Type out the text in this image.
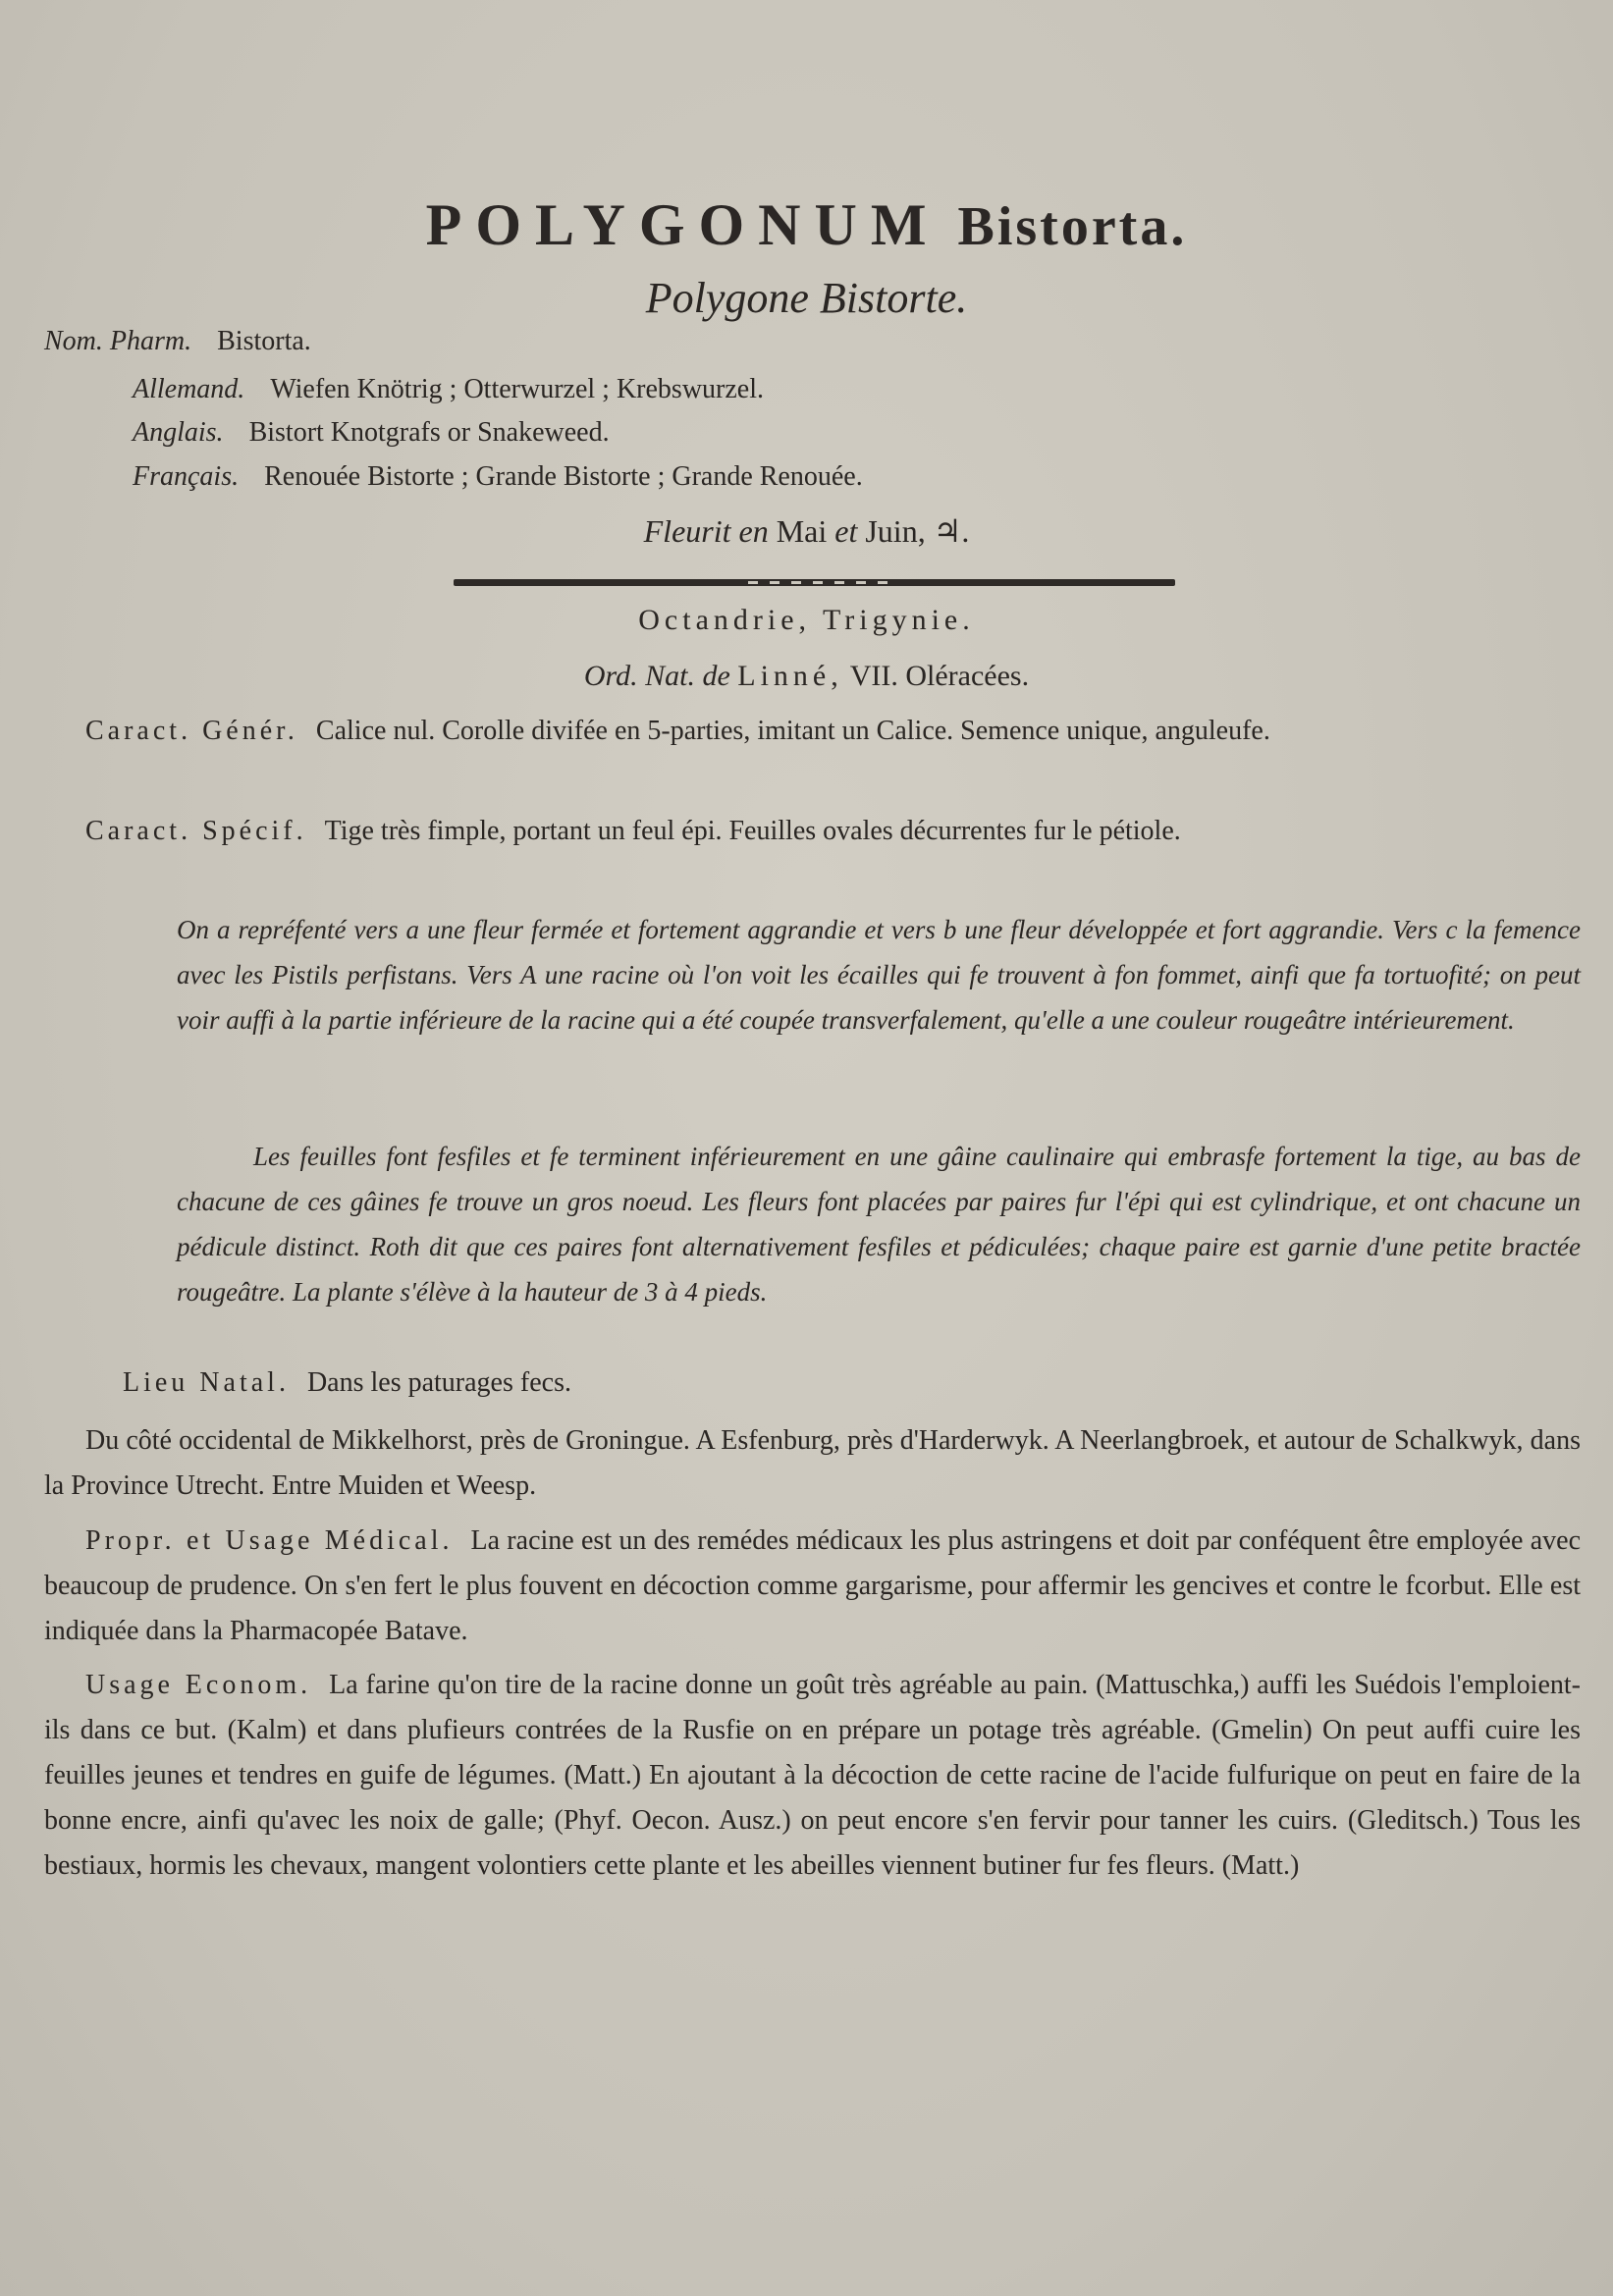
POLYGONUM Bistorta.
Polygone Bistorte.
Nom. Pharm. Bistorta.
Allemand. Wiefen Knötrig ; Otterwurzel ; Krebswurzel.
Anglais. Bistort Knotgrafs or Snakeweed.
Français. Renouée Bistorte ; Grande Bistorte ; Grande Renouée.
Fleurit en Mai et Juin, ♃.
Octandrie, Trigynie.
Ord. Nat. de Linné, VII. Oléracées.
Caract. Génér. Calice nul. Corolle divifée en 5-parties, imitant un Calice. Semence unique, anguleufe.
Caract. Spécif. Tige très fimple, portant un feul épi. Feuilles ovales décurrentes fur le pétiole.
On a repréfenté vers a une fleur fermée et fortement aggrandie et vers b une fleur développée et fort aggrandie. Vers c la femence avec les Pistils perfistans. Vers A une racine où l'on voit les écailles qui fe trouvent à fon fommet, ainfi que fa tortuofité; on peut voir auffi à la partie inférieure de la racine qui a été coupée transverfalement, qu'elle a une couleur rougeâtre intérieurement.
Les feuilles font fesfiles et fe terminent inférieurement en une gâine caulinaire qui embrasfe fortement la tige, au bas de chacune de ces gâines fe trouve un gros noeud. Les fleurs font placées par paires fur l'épi qui est cylindrique, et ont chacune un pédicule distinct. Roth dit que ces paires font alternativement fesfiles et pédiculées; chaque paire est garnie d'une petite bractée rougeâtre. La plante s'élève à la hauteur de 3 à 4 pieds.
Lieu Natal. Dans les paturages fecs.
Du côté occidental de Mikkelhorst, près de Groningue. A Esfenburg, près d'Harderwyk. A Neerlangbroek, et autour de Schalkwyk, dans la Province Utrecht. Entre Muiden et Weesp.
Propr. et Usage Médical. La racine est un des remédes médicaux les plus astringens et doit par conféquent être employée avec beaucoup de prudence. On s'en fert le plus fouvent en décoction comme gargarisme, pour affermir les gencives et contre le fcorbut. Elle est indiquée dans la Pharmacopée Batave.
Usage Econom. La farine qu'on tire de la racine donne un goût très agréable au pain. (Mattuschka,) auffi les Suédois l'emploient-ils dans ce but. (Kalm) et dans plufieurs contrées de la Rusfie on en prépare un potage très agréable. (Gmelin) On peut auffi cuire les feuilles jeunes et tendres en guife de légumes. (Matt.) En ajoutant à la décoction de cette racine de l'acide fulfurique on peut en faire de la bonne encre, ainfi qu'avec les noix de galle; (Phyf. Oecon. Ausz.) on peut encore s'en fervir pour tanner les cuirs. (Gleditsch.) Tous les bestiaux, hormis les chevaux, mangent volontiers cette plante et les abeilles viennent butiner fur fes fleurs. (Matt.)
